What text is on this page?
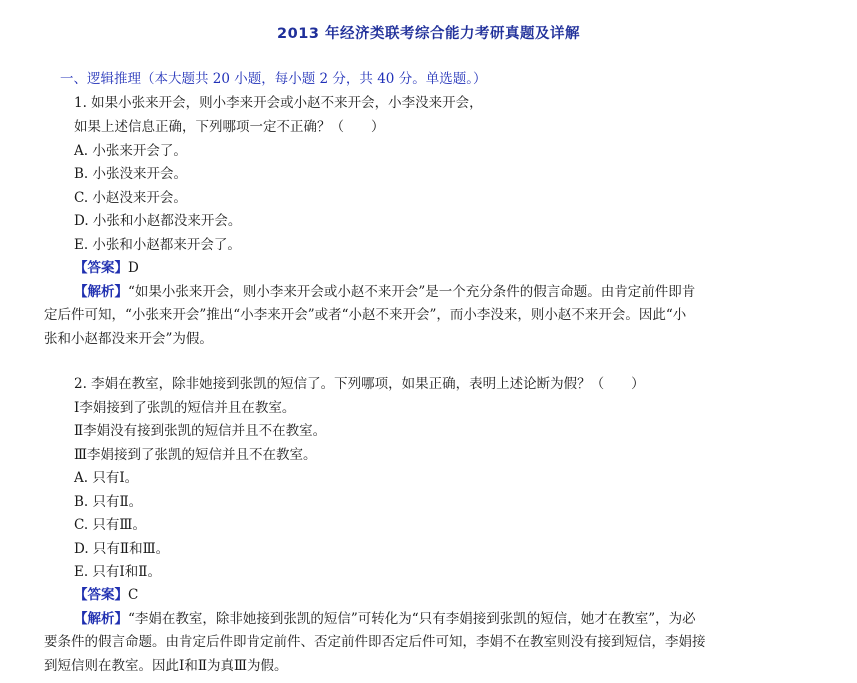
2013 年经济类联考综合能力考研真题及详解
一、逻辑推理（本大题共 20 小题，每小题 2 分，共 40 分。单选题。）
1. 如果小张来开会，则小李来开会或小赵不来开会，小李没来开会，
如果上述信息正确，下列哪项一定不正确？（　　）
A. 小张来开会了。
B. 小张没来开会。
C. 小赵没来开会。
D. 小张和小赵都没来开会。
E. 小张和小赵都来开会了。
【答案】D
【解析】“如果小张来开会，则小李来开会或小赵不来开会”是一个充分条件的假言命题。由肯定前件即肯
定后件可知，“小张来开会”推出“小李来开会”或者“小赵不来开会”，而小李没来，则小赵不来开会。因此“小
张和小赵都没来开会”为假。
2. 李娟在教室，除非她接到张凯的短信了。下列哪项，如果正确，表明上述论断为假？（　　）
Ⅰ李娟接到了张凯的短信并且在教室。
Ⅱ李娟没有接到张凯的短信并且不在教室。
Ⅲ李娟接到了张凯的短信并且不在教室。
A. 只有Ⅰ。
B. 只有Ⅱ。
C. 只有Ⅲ。
D. 只有Ⅱ和Ⅲ。
E. 只有Ⅰ和Ⅱ。
【答案】C
【解析】“李娟在教室，除非她接到张凯的短信”可转化为“只有李娟接到张凯的短信，她才在教室”，为必
要条件的假言命题。由肯定后件即肯定前件、否定前件即否定后件可知，李娟不在教室则没有接到短信，李娟接
到短信则在教室。因此Ⅰ和Ⅱ为真Ⅲ为假。
